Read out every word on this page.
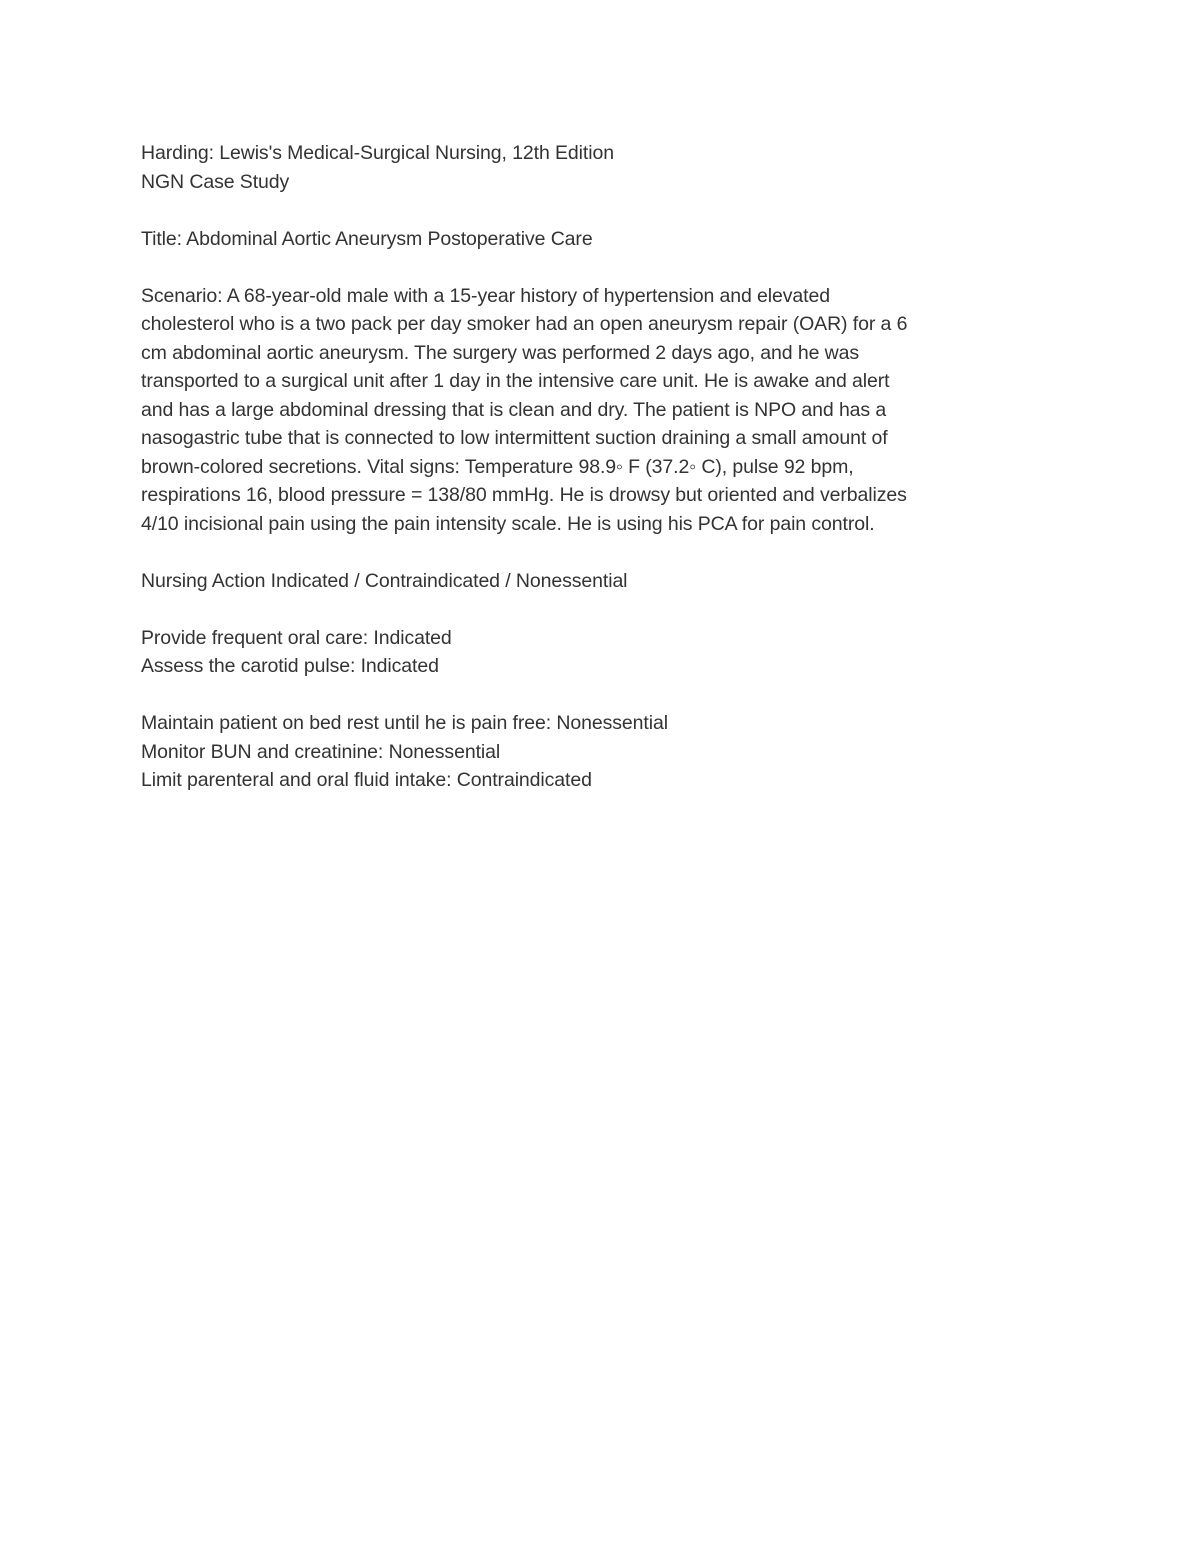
Harding: Lewis's Medical-Surgical Nursing, 12th Edition
NGN Case Study
Title: Abdominal Aortic Aneurysm Postoperative Care
Scenario: A 68-year-old male with a 15-year history of hypertension and elevated
cholesterol who is a two pack per day smoker had an open aneurysm repair (OAR) for a 6
cm abdominal aortic aneurysm. The surgery was performed 2 days ago, and he was
transported to a surgical unit after 1 day in the intensive care unit. He is awake and alert
and has a large abdominal dressing that is clean and dry. The patient is NPO and has a
nasogastric tube that is connected to low intermittent suction draining a small amount of
brown-colored secretions. Vital signs: Temperature 98.9◦ F (37.2◦ C), pulse 92 bpm,
respirations 16, blood pressure = 138/80 mmHg. He is drowsy but oriented and verbalizes
4/10 incisional pain using the pain intensity scale. He is using his PCA for pain control.
Nursing Action Indicated / Contraindicated / Nonessential
Provide frequent oral care: Indicated
Assess the carotid pulse: Indicated
Maintain patient on bed rest until he is pain free: Nonessential
Monitor BUN and creatinine: Nonessential
Limit parenteral and oral fluid intake: Contraindicated
